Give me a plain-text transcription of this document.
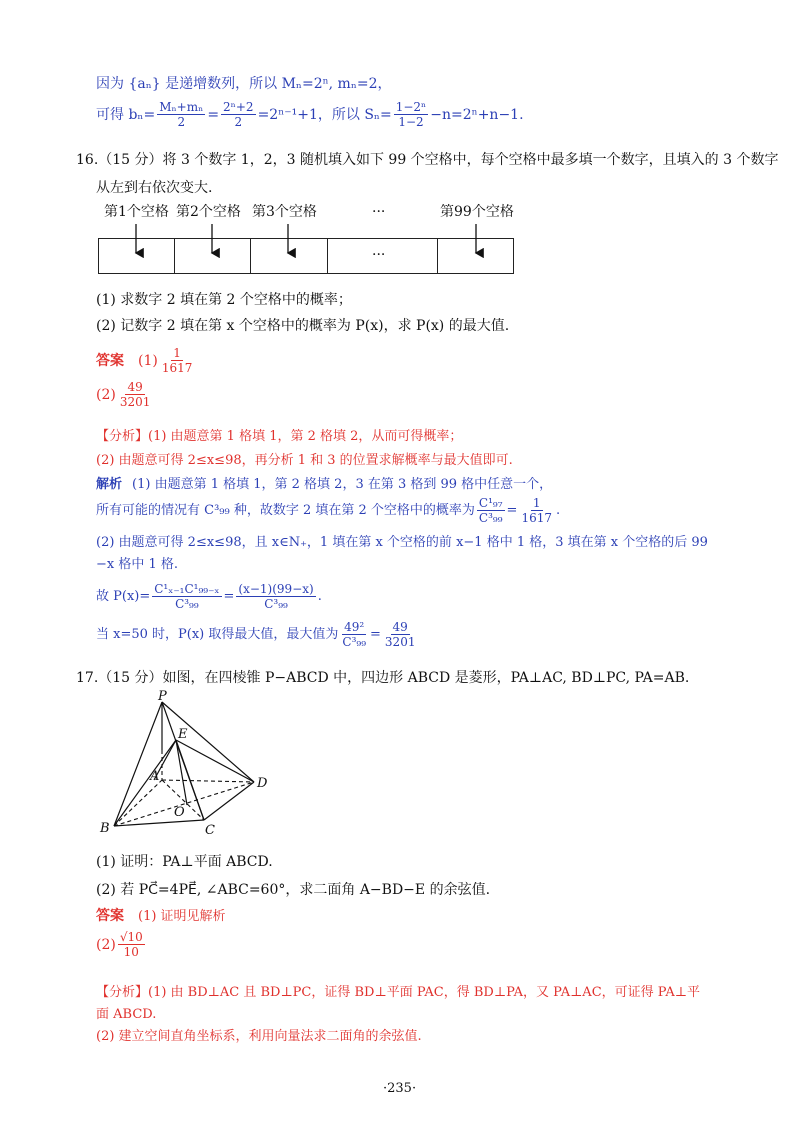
因为 {aₙ} 是递增数列，所以 Mₙ=2ⁿ, mₙ=2，
可得 $b_n= \frac{\text{Mₙ+mₙ}}{2} = \frac{\text{2ⁿ+2}}{2} =2^{n-1}+1$，所以 $S_n= \frac{\text{1−2ⁿ}}{1-2} -n=2^n+n-1$.
16.（15 分）将 3 个数字 1，2，3 随机填入如下 99 个空格中，每个空格中最多填一个数字，且填入的 3 个数字
从左到右依次变大.
第1个空格 第2个空格 第3个空格	···	第99个空格
···
(1) 求数字 2 填在第 2 个空格中的概率；
(2) 记数字 2 填在第 x 个空格中的概率为 P(x)，求 P(x) 的最大值.
答案 $(1) \frac{1}{1617}$
$(2) \frac{49}{3201}$
【分析】(1) 由题意第 1 格填 1，第 2 格填 2，从而可得概率；
(2) 由题意可得 2≤x≤98，再分析 1 和 3 的位置求解概率与最大值即可.
解析 (1) 由题意第 1 格填 1，第 2 格填 2，3 在第 3 格到 99 格中任意一个，
所有可能的情况有 C³₉₉ 种，故数字 2 填在第 2 个空格中的概率为 $\frac{\text{C¹₉₇}}{\text{C³₉₉}} = \frac{1}{1617}$ .
(2) 由题意可得 2≤x≤98，且 x∈N₊，1 填在第 x 个空格的前 x−1 格中 1 格，3 填在第 x 个空格的后 99
−x 格中 1 格.
故 $P(x)= \frac{\text{C¹ₓ₋₁C¹₉₉₋ₓ}}{\text{C³₉₉}} = \frac{(x-1)(99-x)}{\text{C³₉₉}}$ .
当 x=50 时，P(x) 取得最大值，最大值为 $\frac{\text{49²}}{\text{C³₉₉}} = \frac{49}{3201}$
17.（15 分）如图，在四棱锥 P−ABCD 中，四边形 ABCD 是菱形，PA⊥AC, BD⊥PC, PA=AB.
P
E
A	D
O
B	C
(1) 证明：PA⊥平面 ABCD.
(2) 若 PC⃗=4PE⃗, ∠ABC=60°，求二面角 A−BD−E 的余弦值.
答案 (1) 证明见解析
$(2) \frac{√10}{10}$
【分析】(1) 由 BD⊥AC 且 BD⊥PC，证得 BD⊥平面 PAC，得 BD⊥PA，又 PA⊥AC，可证得 PA⊥平
面 ABCD.
(2) 建立空间直角坐标系，利用向量法求二面角的余弦值.
·235·
